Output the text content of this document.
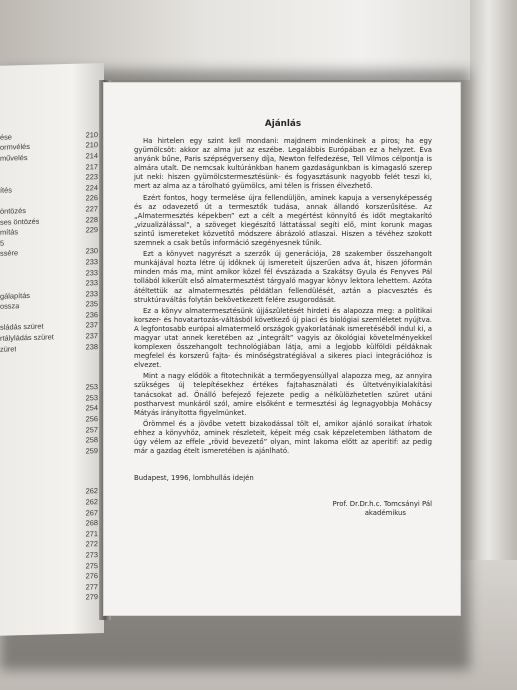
ése	210
ormvélés	210
művelés	214
217
223
ítés	224
226
öntözés	227
ses öntözés	228
mítás	229
5
ssére	230
233
233
233
gálapítás	233
ossza	235
236
sládás szüret	237
rtályládás szüret	237
züret	238
253
253
254
256
257
258
259
262
262
267
268
271
272
273
275
276
277
279
Ajánlás

Ha hirtelen egy szint kell mondani: majdnem mindenkinek a piros; ha egy gyümölcsöt: akkor az alma jut az eszébe. Legalábbis Európában ez a helyzet. Éva anyánk bűne, Paris szépségverseny díja, Newton felfedezése, Tell Vilmos célpontja is almára utalt. De nemcsak kultúránkban hanem gazdaságunkban is kimagasló szerep jut neki: hiszen gyümölcstermesztésünk- és fogyasztásunk nagyobb felét teszi ki, mert az alma az a tárolható gyümölcs, ami télen is frissen élvezhető.

Ezért fontos, hogy termelése újra fellendüljön, aminek kapuja a versenyképesség és az odavezető út a termesztők tudása, annak állandó korszerűsítése. Az „Almatermesztés képekben” ezt a célt a megértést könnyítő és időt megtakarító „vizualizálással”, a szöveget kiegészítő láttatással segíti elő, mint korunk magas szintű ismereteket közvetítő módszere ábrázoló atlaszai. Hiszen a tévéhez szokott szemnek a csak betűs információ szegényesnek tűnik.

Ezt a könyvet nagyrészt a szerzők új generációja, 28 szakember összehangolt munkájával hozta létre új időknek új ismereteit újszerűen adva át, hiszen jóformán minden más ma, mint amikor közel fél évszázada a Szakátsy Gyula és Fenyves Pál tollából kikerült első almatermesztést tárgyaló magyar könyv lektora lehettem. Azóta átéltettük az almatermesztés példátlan fellendülését, aztán a piacvesztés és struktúraváltás folytán bekövetkezett felére zsugorodását.

Ez a könyv almatermesztésünk újjászületését hirdeti és alapozza meg: a politikai korszer- és hovatartozás-váltásból következő új piaci és biológiai szemléletet nyújtva. A legfontosabb európai almatermelő országok gyakorlatának ismeretéséből indul ki, a magyar utat annek keretében az „integrált” vagyis az ökológiai követelményekkel komplexen összehangolt technológiában látja, ami a legjobb külföldi példáknak megfelel és korszerű fajta- és minőségstratégiával a sikeres piaci integrációhoz is elvezet.

Mint a nagy elődök a fitotechnikát a termőegyensúllyal alapozza meg, az annyira szükséges új telepítésekhez értékes fajtahasználati és ültetvényikialakítási tanácsokat ad. Önálló befejező fejezete pedig a nélkülözhetetlen szüret utáni postharvest munkáról szól, amire elsőként e termesztési ág legnagyobbja Mohácsy Mátyás irányította figyelmünket.

Örömmel és a jövőbe vetett bizakodással tölt el, amikor ajánló soraikat írhatok ehhez a könyvhöz, aminek részleteit, képeit még csak képzeletemben láthatom de úgy vélem az effele „rövid bevezető” olyan, mint lakoma előtt az aperitif: az pedig már a gazdag ételt ismeretében is ajánlható.

Budapest, 1996, lombhullás idején
Prof. Dr.Dr.h.c. Tomcsányi Pál
akadémikus
